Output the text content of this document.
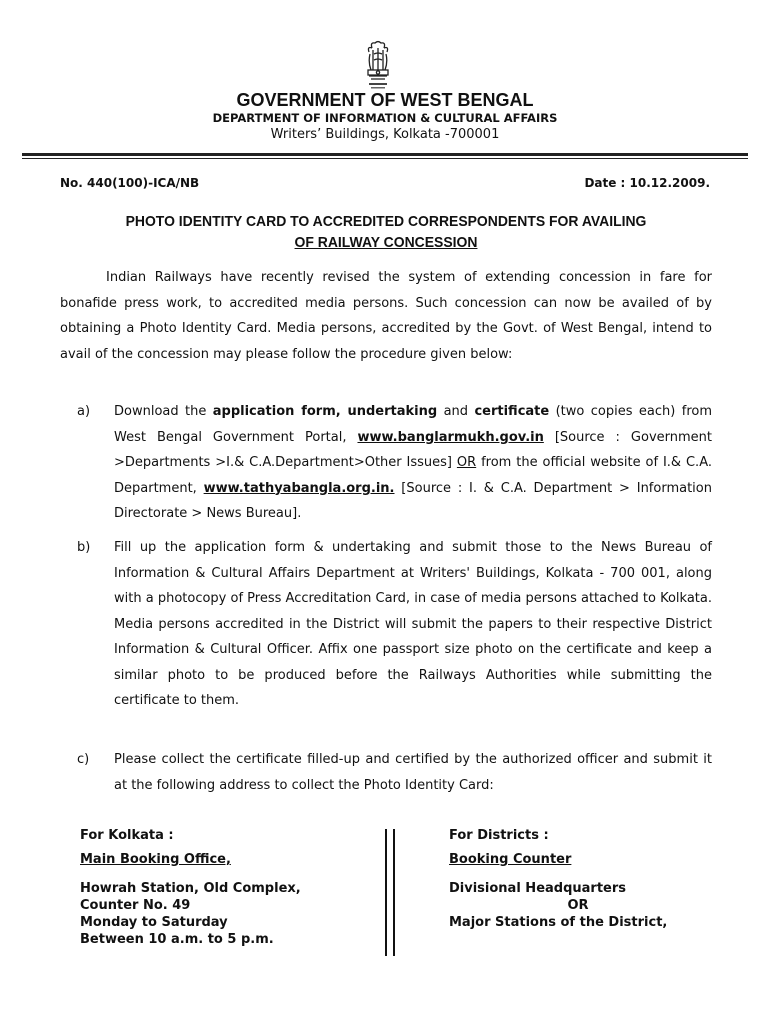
GOVERNMENT OF WEST BENGAL
DEPARTMENT OF INFORMATION & CULTURAL AFFAIRS
Writers’ Buildings, Kolkata -700001
No. 440(100)-ICA/NB	Date : 10.12.2009.
PHOTO IDENTITY CARD TO ACCREDITED CORRESPONDENTS FOR AVAILING
OF RAILWAY CONCESSION
Indian Railways have recently revised the system of extending concession in fare for bonafide press work, to accredited media persons. Such concession can now be availed of by obtaining a Photo Identity Card. Media persons, accredited by the Govt. of West Bengal, intend to avail of the concession may please follow the procedure given below:
a) Download the application form, undertaking and certificate (two copies each) from West Bengal Government Portal, www.banglarmukh.gov.in [Source : Government >Departments >I.& C.A.Department>Other Issues] OR from the official website of I.& C.A. Department, www.tathyabangla.org.in. [Source : I. & C.A. Department > Information Directorate > News Bureau].
b) Fill up the application form & undertaking and submit those to the News Bureau of Information & Cultural Affairs Department at Writers' Buildings, Kolkata - 700 001, along with a photocopy of Press Accreditation Card, in case of media persons attached to Kolkata. Media persons accredited in the District will submit the papers to their respective District Information & Cultural Officer. Affix one passport size photo on the certificate and keep a similar photo to be produced before the Railways Authorities while submitting the certificate to them.
c) Please collect the certificate filled-up and certified by the authorized officer and submit it at the following address to collect the Photo Identity Card:
For Kolkata :
Main Booking Office,
Howrah Station, Old Complex,
Counter No. 49
Monday to Saturday
Between 10 a.m. to 5 p.m.
For Districts :
Booking Counter
Divisional Headquarters
OR
Major Stations of the District,
